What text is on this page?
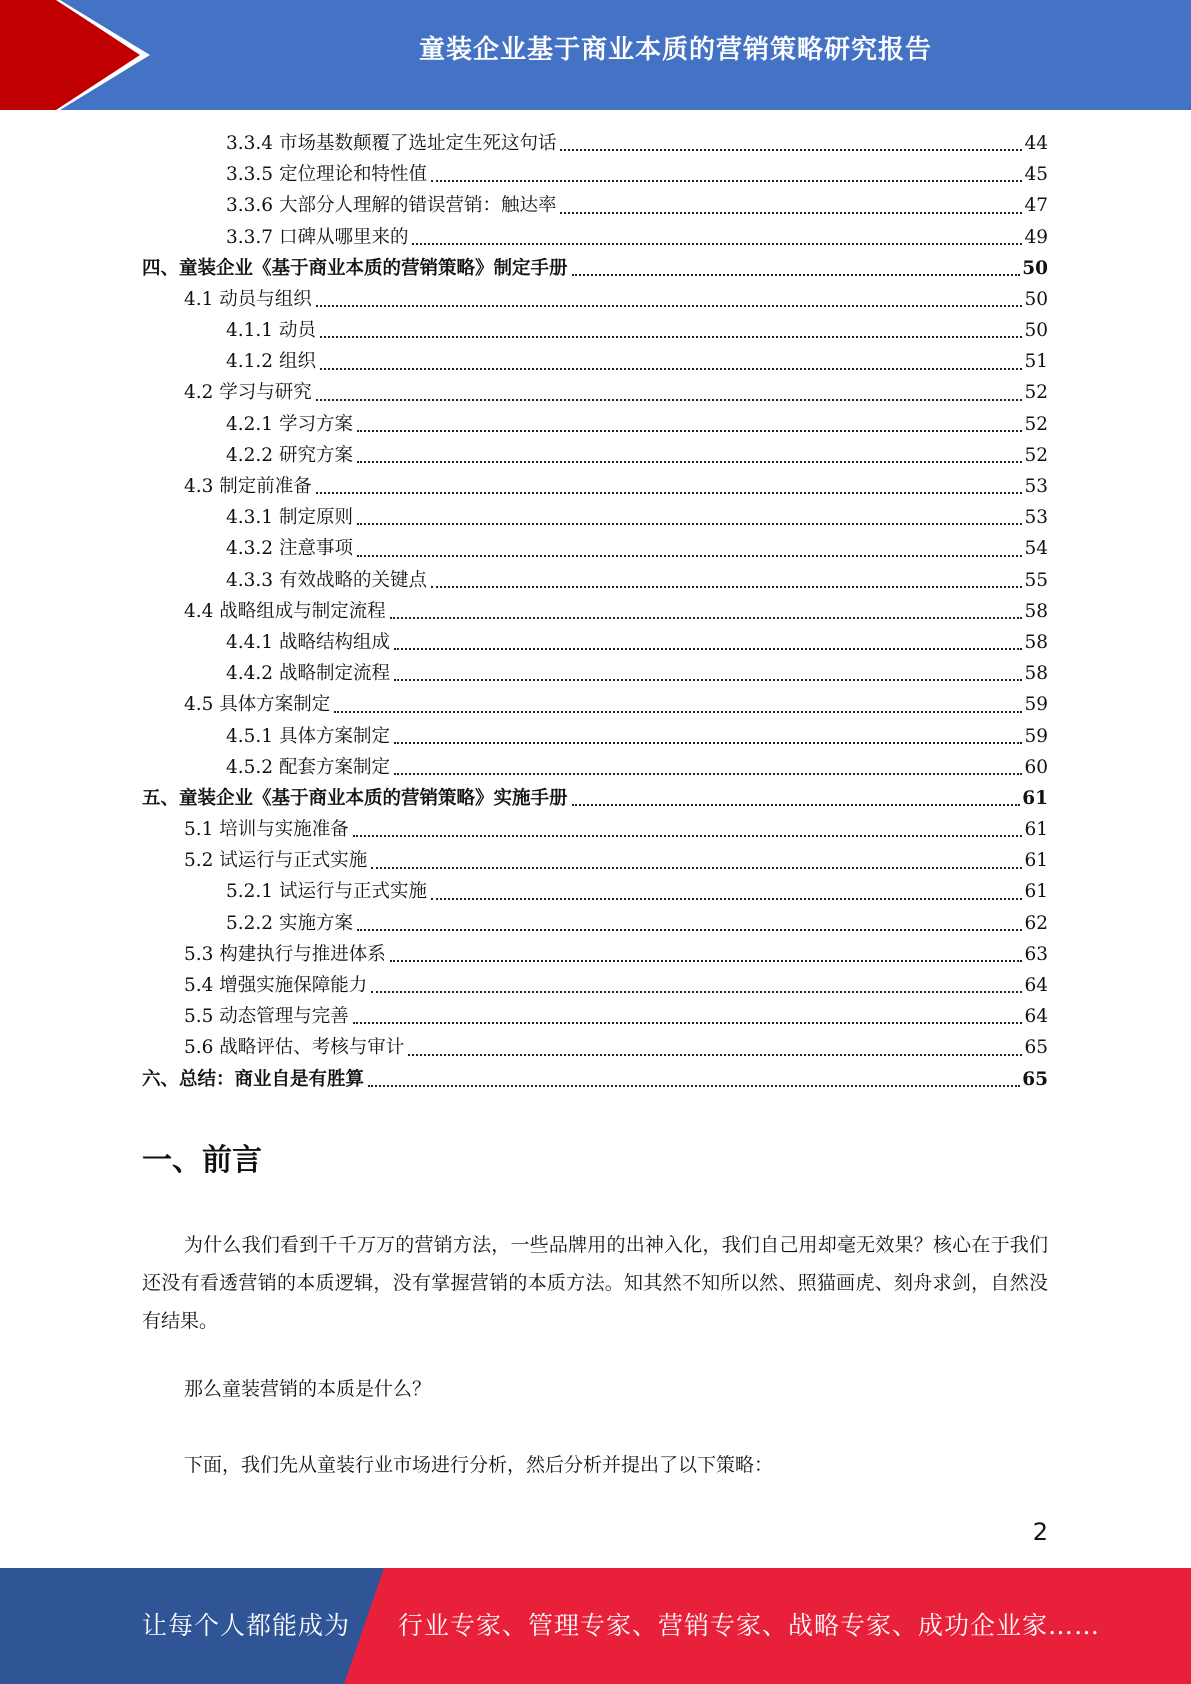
童装企业基于商业本质的营销策略研究报告
3.3.4 市场基数颠覆了选址定生死这句话	44
3.3.5 定位理论和特性值	45
3.3.6 大部分人理解的错误营销：触达率	47
3.3.7 口碑从哪里来的	49
四、童装企业《基于商业本质的营销策略》制定手册	50
4.1 动员与组织	50
4.1.1 动员	50
4.1.2 组织	51
4.2 学习与研究	52
4.2.1 学习方案	52
4.2.2 研究方案	52
4.3 制定前准备	53
4.3.1 制定原则	53
4.3.2 注意事项	54
4.3.3 有效战略的关键点	55
4.4 战略组成与制定流程	58
4.4.1 战略结构组成	58
4.4.2 战略制定流程	58
4.5 具体方案制定	59
4.5.1 具体方案制定	59
4.5.2 配套方案制定	60
五、童装企业《基于商业本质的营销策略》实施手册	61
5.1 培训与实施准备	61
5.2 试运行与正式实施	61
5.2.1 试运行与正式实施	61
5.2.2 实施方案	62
5.3 构建执行与推进体系	63
5.4 增强实施保障能力	64
5.5 动态管理与完善	64
5.6 战略评估、考核与审计	65
六、总结：商业自是有胜算	65
一、前言

为什么我们看到千千万万的营销方法，一些品牌用的出神入化，我们自己用却毫无效果？核心在于我们还没有看透营销的本质逻辑，没有掌握营销的本质方法。知其然不知所以然、照猫画虎、刻舟求剑，自然没有结果。

那么童装营销的本质是什么？

下面，我们先从童装行业市场进行分析，然后分析并提出了以下策略：

2
让每个人都能成为 行业专家、管理专家、营销专家、战略专家、成功企业家……
